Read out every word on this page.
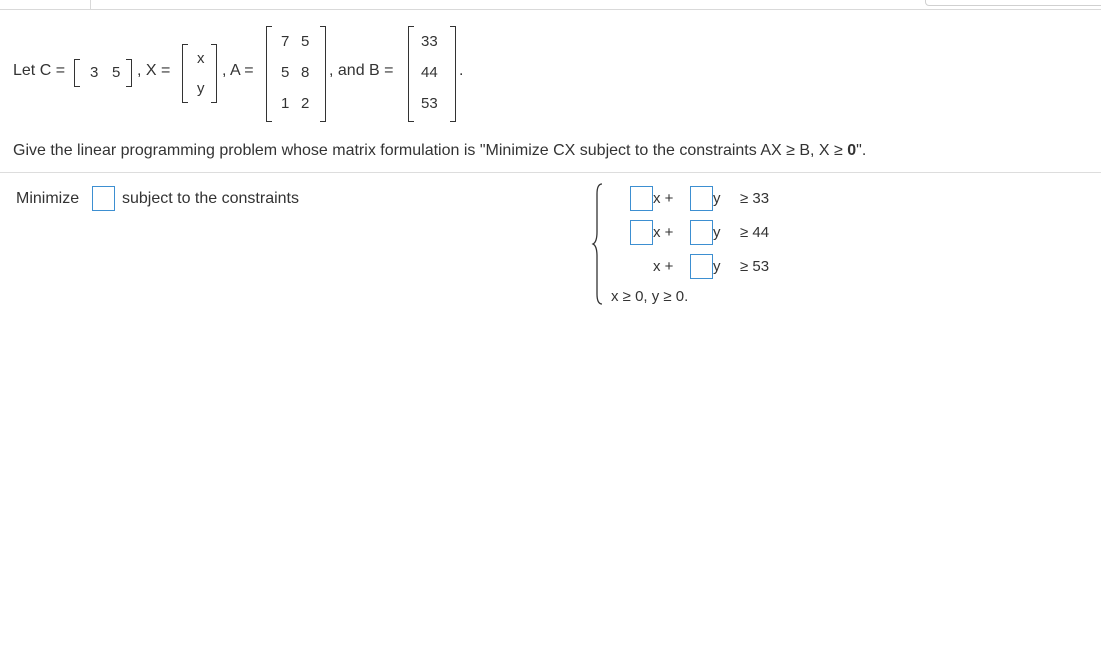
Let C = 3 5 , X =
x
y
, A =
7 5
5 8
1 2
, and B =
33
44
53
.
Give the linear programming problem whose matrix formulation is "Minimize CX subject to the constraints AX ≥ B, X ≥ 0".
Minimize	subject to the constraints	x +	y ≥ 33
x +	y ≥ 44
x +	y ≥ 53
x ≥ 0, y ≥ 0.
